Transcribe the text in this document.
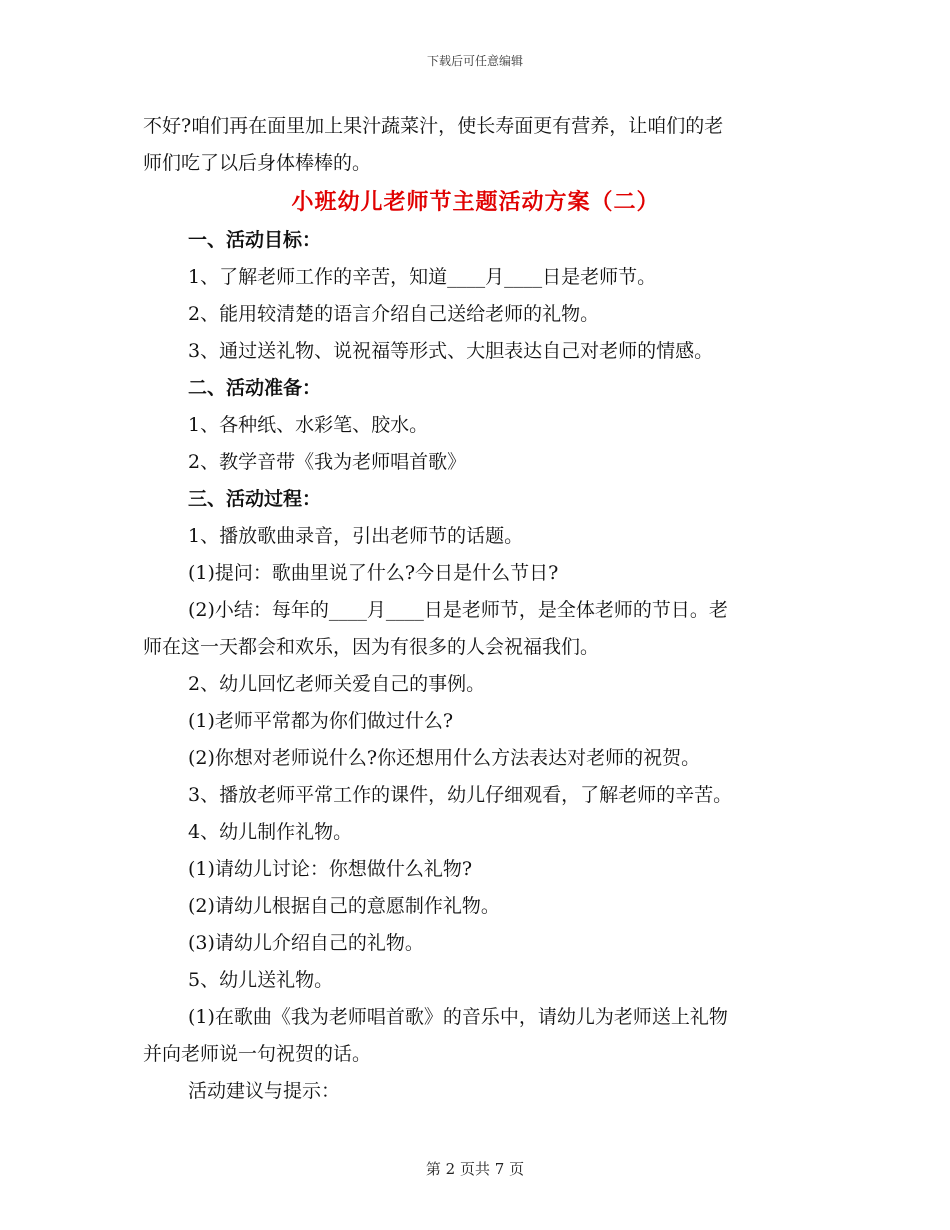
下载后可任意编辑

不好?咱们再在面里加上果汁蔬菜汁，使长寿面更有营养，让咱们的老

师们吃了以后身体棒棒的。

小班幼儿老师节主题活动方案（二）

一、活动目标：

1、了解老师工作的辛苦，知道____月____日是老师节。

2、能用较清楚的语言介绍自己送给老师的礼物。

3、通过送礼物、说祝福等形式、大胆表达自己对老师的情感。

二、活动准备：

1、各种纸、水彩笔、胶水。

2、教学音带《我为老师唱首歌》

三、活动过程：

1、播放歌曲录音，引出老师节的话题。

(1)提问：歌曲里说了什么?今日是什么节日?

(2)小结：每年的____月____日是老师节，是全体老师的节日。老

师在这一天都会和欢乐，因为有很多的人会祝福我们。

2、幼儿回忆老师关爱自己的事例。

(1)老师平常都为你们做过什么?

(2)你想对老师说什么?你还想用什么方法表达对老师的祝贺。

3、播放老师平常工作的课件，幼儿仔细观看，了解老师的辛苦。

4、幼儿制作礼物。

(1)请幼儿讨论：你想做什么礼物?

(2)请幼儿根据自己的意愿制作礼物。

(3)请幼儿介绍自己的礼物。

5、幼儿送礼物。

(1)在歌曲《我为老师唱首歌》的音乐中，请幼儿为老师送上礼物

并向老师说一句祝贺的话。

活动建议与提示：

第 2 页共 7 页
